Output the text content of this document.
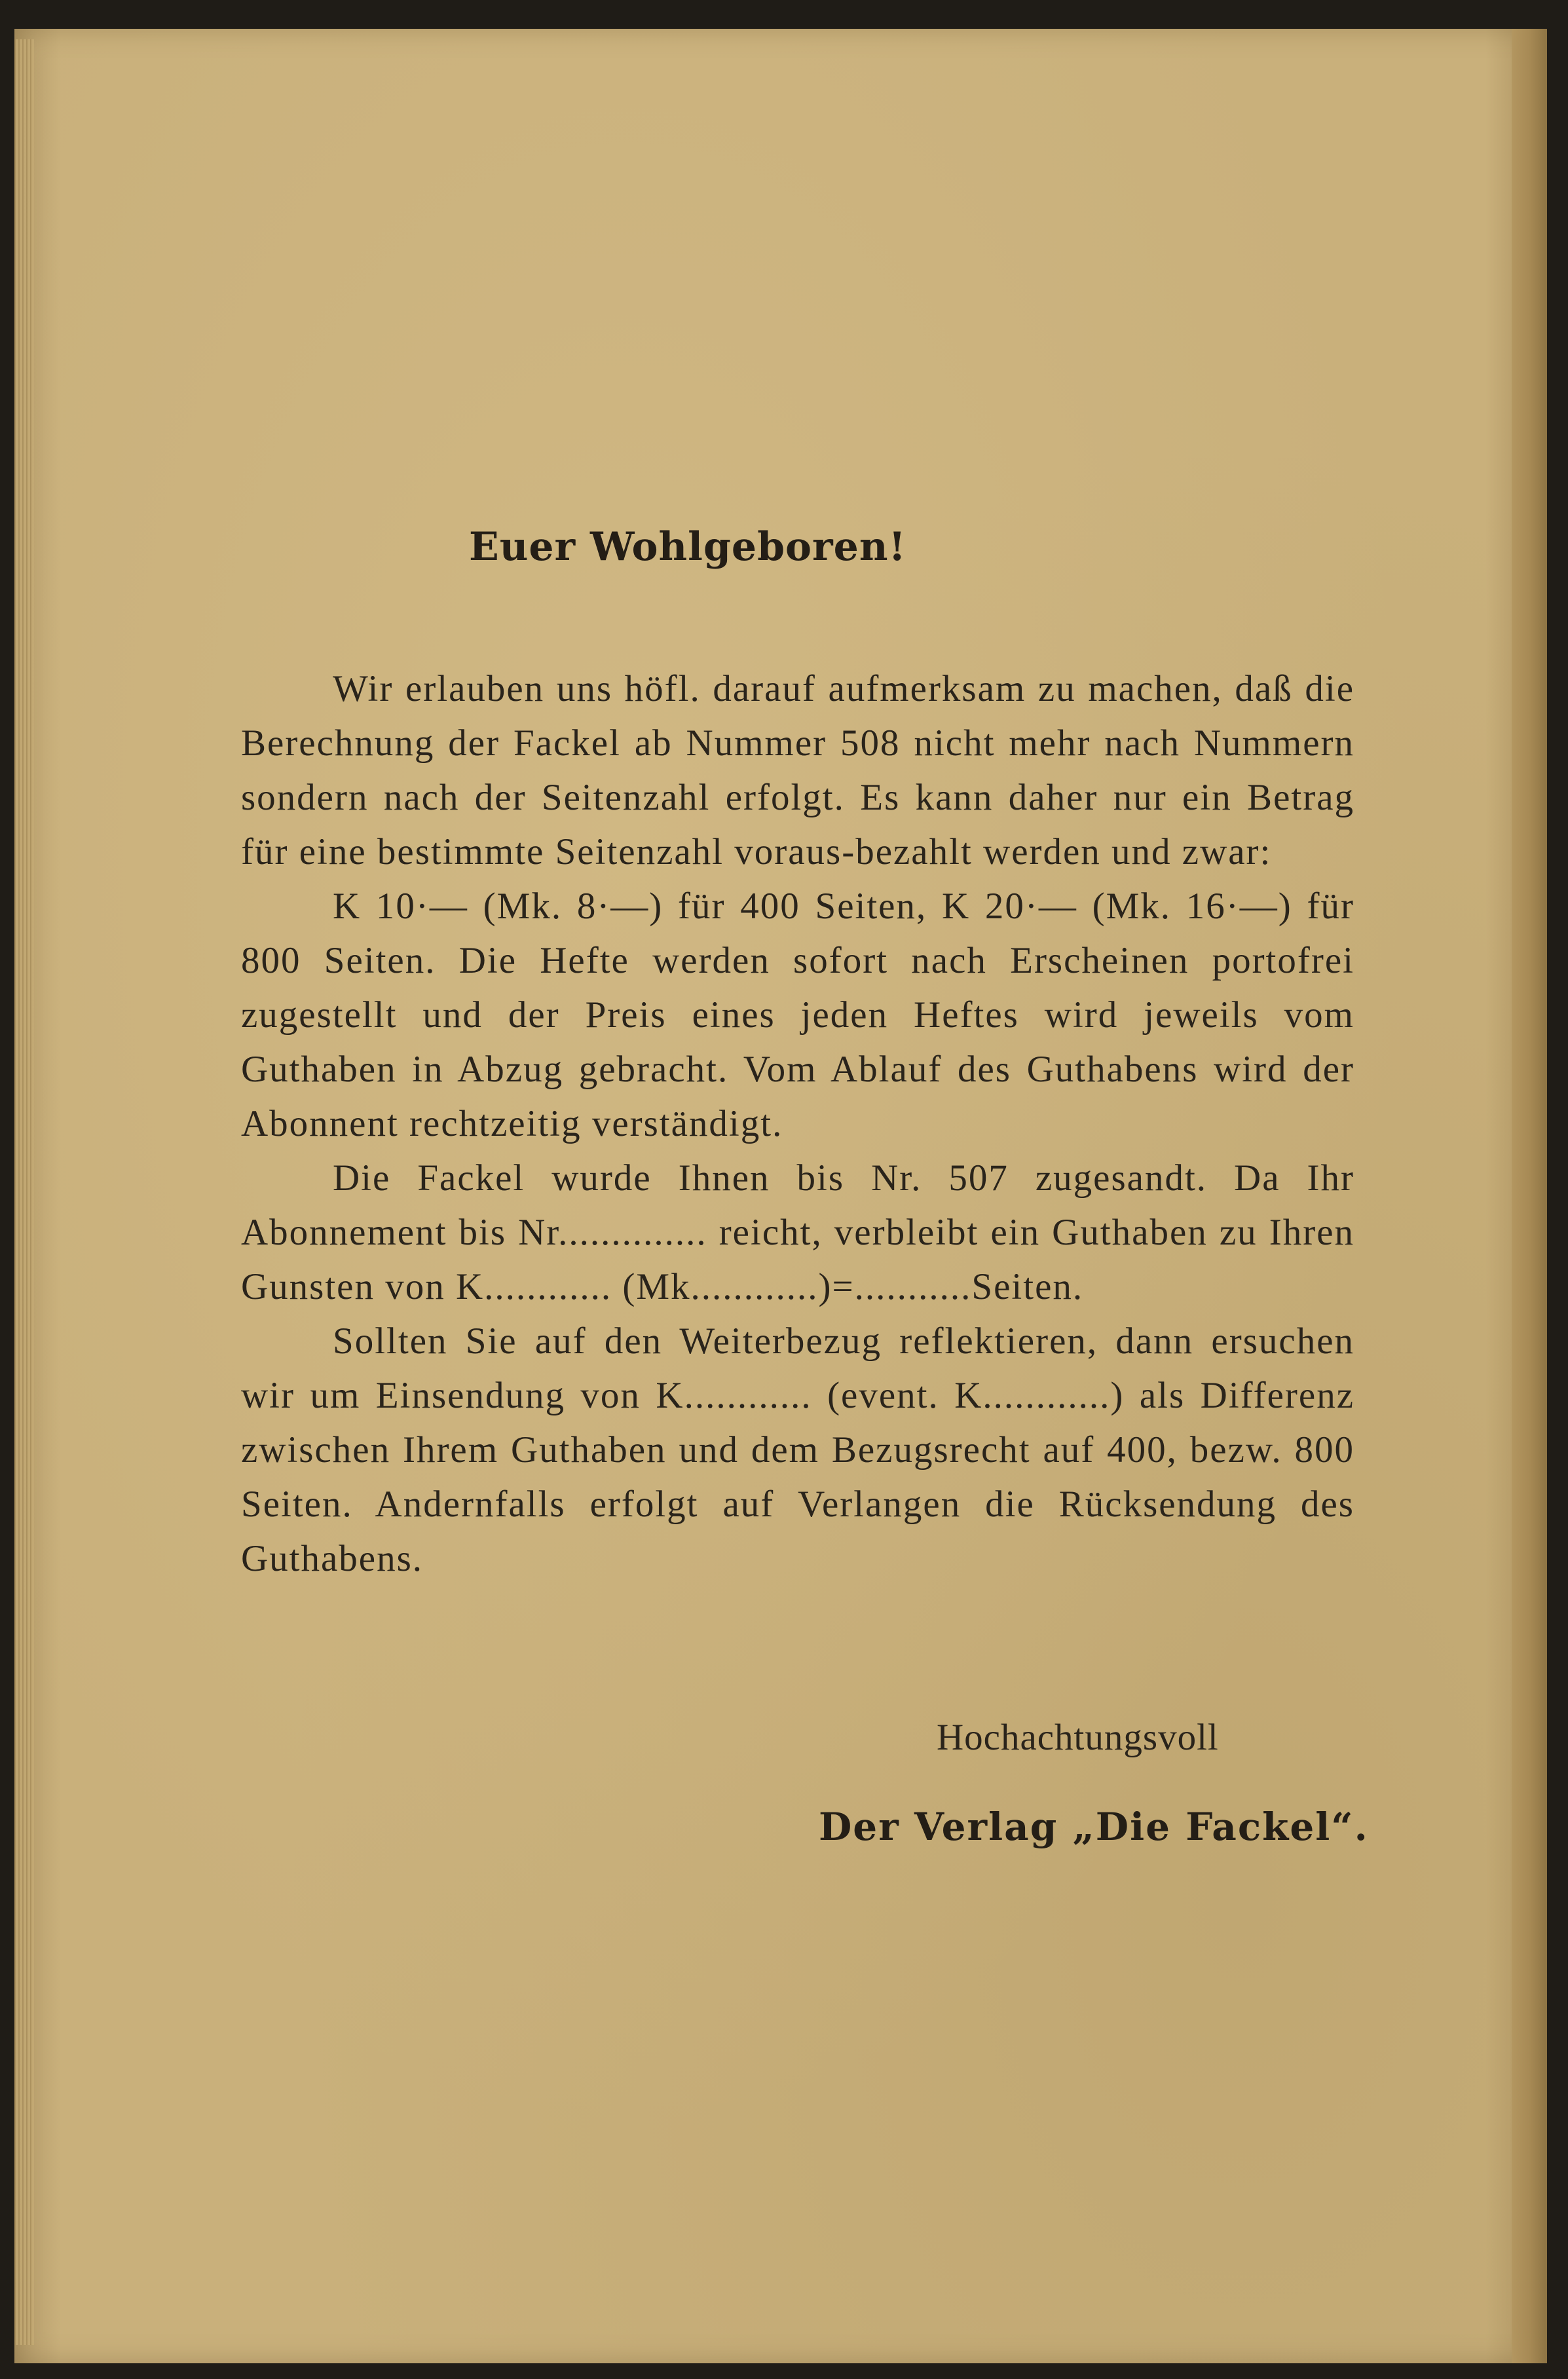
Euer Wohlgeboren!

Wir erlauben uns höfl. darauf aufmerksam zu machen, daß die Berechnung der Fackel ab Nummer 508 nicht mehr nach Nummern sondern nach der Seitenzahl erfolgt. Es kann daher nur ein Betrag für eine bestimmte Seitenzahl voraus-bezahlt werden und zwar:

K 10·— (Mk. 8·—) für 400 Seiten, K 20·— (Mk. 16·—) für 800 Seiten. Die Hefte werden sofort nach Erscheinen portofrei zugestellt und der Preis eines jeden Heftes wird jeweils vom Guthaben in Abzug gebracht. Vom Ablauf des Guthabens wird der Abonnent rechtzeitig verständigt.

Die Fackel wurde Ihnen bis Nr. 507 zugesandt. Da Ihr Abonnement bis Nr.............. reicht, verbleibt ein Guthaben zu Ihren Gunsten von K............ (Mk............)=...........Seiten.

Sollten Sie auf den Weiterbezug reflektieren, dann ersuchen wir um Einsendung von K............ (event. K............) als Differenz zwischen Ihrem Guthaben und dem Bezugsrecht auf 400, bezw. 800 Seiten. Andernfalls erfolgt auf Verlangen die Rücksendung des Guthabens.

Hochachtungsvoll

Der Verlag „Die Fackel“.
